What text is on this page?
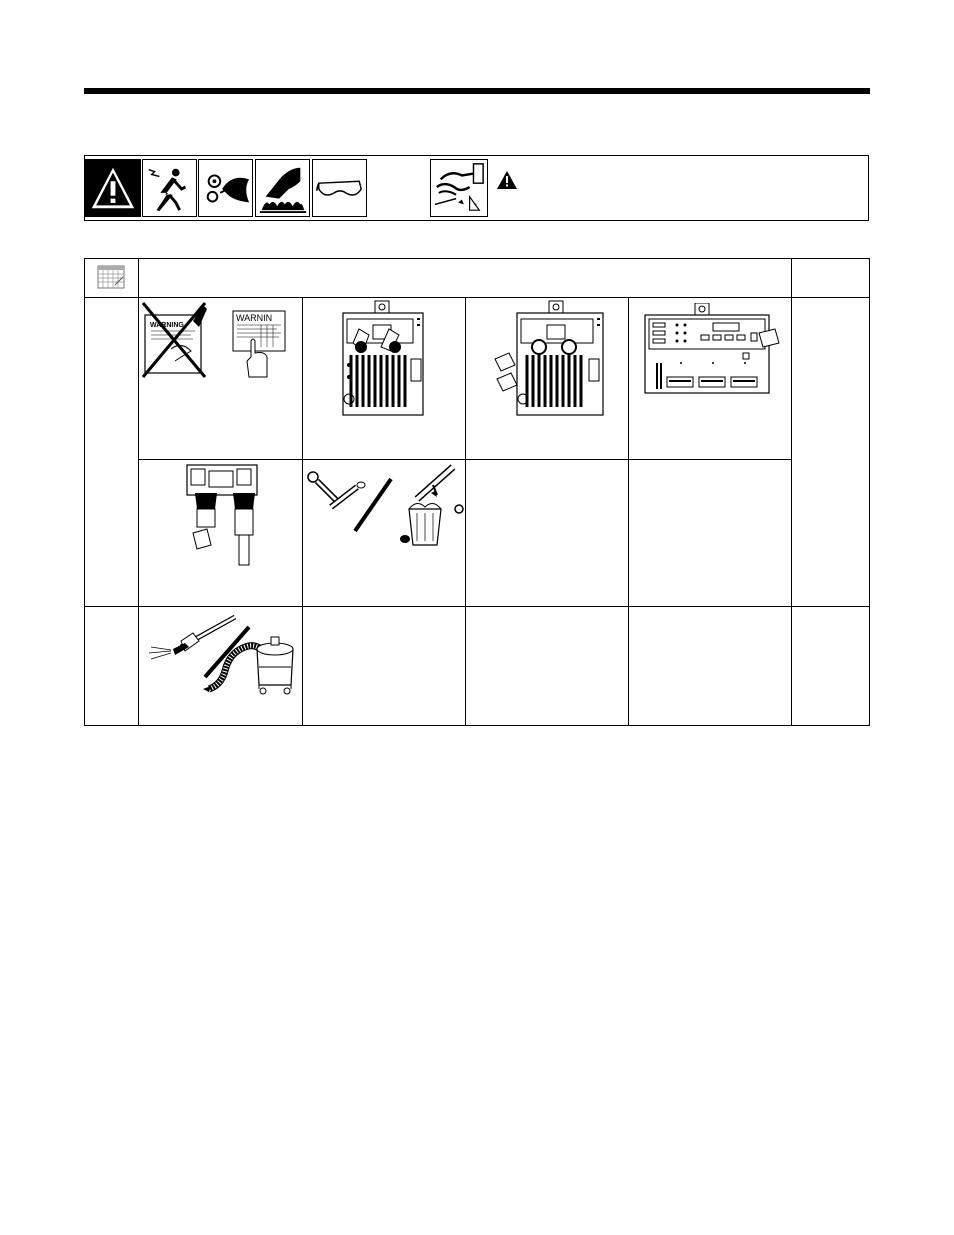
WARNING
WARNIN
